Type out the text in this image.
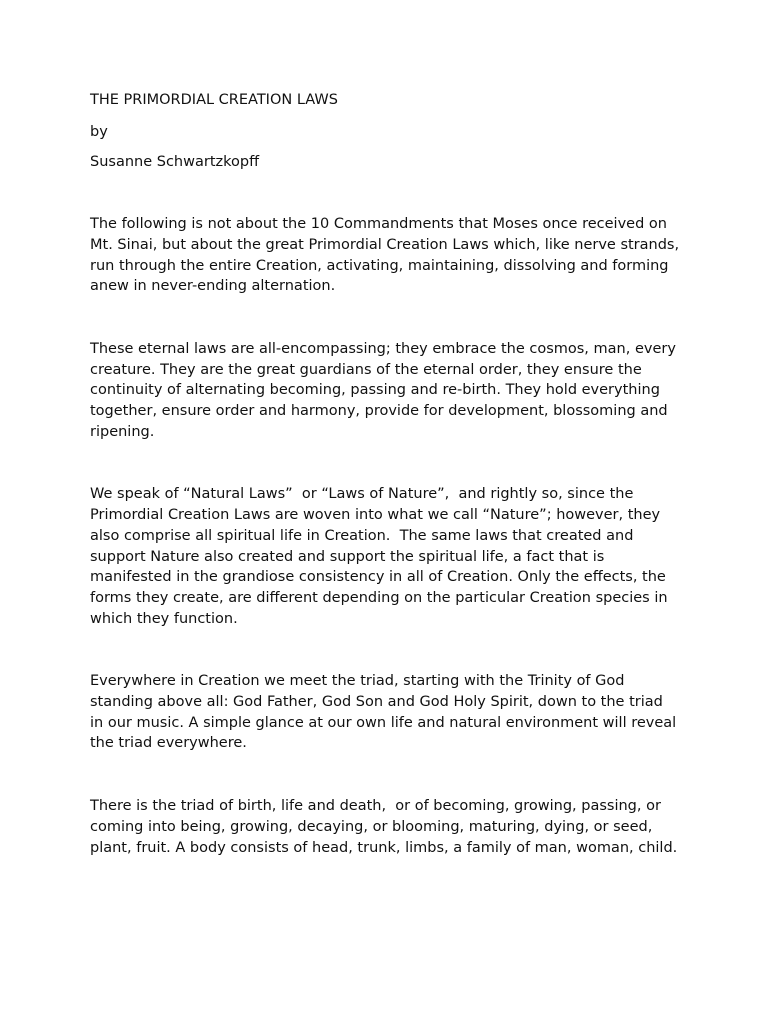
THE PRIMORDIAL CREATION LAWS

by

Susanne Schwartzkopff

The following is not about the 10 Commandments that Moses once received on Mt. Sinai, but about the great Primordial Creation Laws which, like nerve strands, run through the entire Creation, activating, maintaining, dissolving and forming anew in never-ending alternation.

These eternal laws are all-encompassing; they embrace the cosmos, man, every creature. They are the great guardians of the eternal order, they ensure the continuity of alternating becoming, passing and re-birth. They hold everything together, ensure order and harmony, provide for development, blossoming and ripening.

We speak of “Natural Laws”  or “Laws of Nature”,  and rightly so, since the Primordial Creation Laws are woven into what we call “Nature”; however, they also comprise all spiritual life in Creation.  The same laws that created and support Nature also created and support the spiritual life, a fact that is manifested in the grandiose consistency in all of Creation. Only the effects, the forms they create, are different depending on the particular Creation species in which they function.

Everywhere in Creation we meet the triad, starting with the Trinity of God standing above all: God Father, God Son and God Holy Spirit, down to the triad in our music. A simple glance at our own life and natural environment will reveal the triad everywhere.

There is the triad of birth, life and death,  or of becoming, growing, passing, or coming into being, growing, decaying, or blooming, maturing, dying, or seed, plant, fruit. A body consists of head, trunk, limbs, a family of man, woman, child.
